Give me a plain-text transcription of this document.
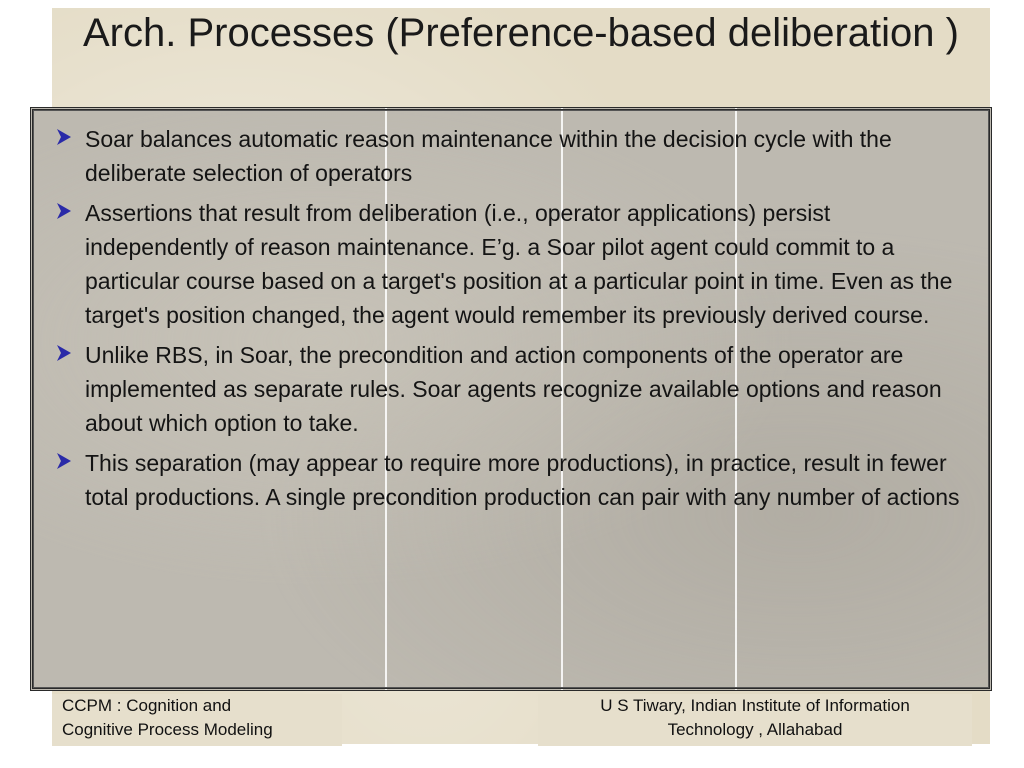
Arch. Processes (Preference-based deliberation )
Soar balances automatic reason maintenance within the decision cycle with the deliberate selection of operators
Assertions that result from deliberation (i.e., operator applications) persist independently of reason maintenance. E’g. a Soar pilot agent could commit to a particular course based on a target's position at a particular point in time. Even as the target's position changed, the agent would remember its previously derived course.
Unlike RBS, in Soar, the precondition and action components of the operator are implemented as separate rules. Soar agents recognize available options and reason about which option to take.
This separation (may appear to require more productions), in practice, result in fewer total productions. A single precondition production can pair with any number of actions
CCPM : Cognition and
Cognitive Process Modeling
U S Tiwary, Indian Institute of Information
Technology , Allahabad
